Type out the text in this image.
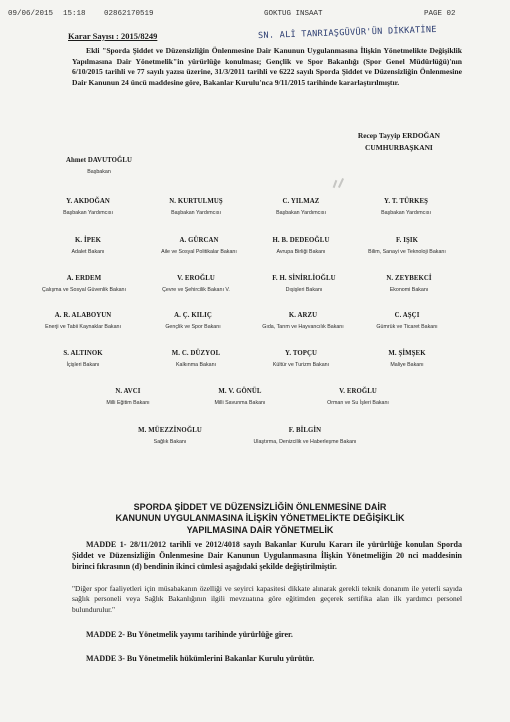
09/06/2015 15:18 02862170519	GOKTUG INSAAT	PAGE 02
SN. ALİ TANRIAŞGÜVÜR'ÜN DİKKATİNE
Karar Sayısı : 2015/8249
Ekli "Sporda Şiddet ve Düzensizliğin Önlenmesine Dair Kanunun Uygulanmasına İlişkin Yönetmelikte Değişiklik Yapılmasına Dair Yönetmelik"in yürürlüğe konulması; Gençlik ve Spor Bakanlığı (Spor Genel Müdürlüğü)'nın 6/10/2015 tarihli ve 77 sayılı yazısı üzerine, 31/3/2011 tarihli ve 6222 sayılı Sporda Şiddet ve Düzensizliğin Önlenmesine Dair Kanunun 24 üncü maddesine göre, Bakanlar Kurulu'nca 9/11/2015 tarihinde kararlaştırılmıştır.
Recep Tayyip ERDOĞAN
CUMHURBAŞKANI
Ahmet DAVUTOĞLU
Başbakan
Y. AKDOĞAN
Başbakan Yardımcısı
N. KURTULMUŞ
Başbakan Yardımcısı
C. YILMAZ
Başbakan Yardımcısı
Y. T. TÜRKEŞ
Başbakan Yardımcısı
K. İPEK
Adalet Bakanı
A. GÜRCAN
Aile ve Sosyal Politikalar Bakanı
H. B. DEDEOĞLU
Avrupa Birliği Bakanı
F. IŞIK
Bilim, Sanayi ve Teknoloji Bakanı
A. ERDEM
Çalışma ve Sosyal Güvenlik Bakanı
V. EROĞLU
Çevre ve Şehircilik Bakanı V.
F. H. SİNİRLİOĞLU
Dışişleri Bakanı
N. ZEYBEKCİ
Ekonomi Bakanı
A. R. ALABOYUN
Enerji ve Tabii Kaynaklar Bakanı
A. Ç. KILIÇ
Gençlik ve Spor Bakanı
K. ARZU
Gıda, Tarım ve Hayvancılık Bakanı
C. AŞÇI
Gümrük ve Ticaret Bakanı
S. ALTINOK
İçişleri Bakanı
M. C. DÜZYOL
Kalkınma Bakanı
Y. TOPÇU
Kültür ve Turizm Bakanı
M. ŞİMŞEK
Maliye Bakanı
N. AVCI
Milli Eğitim Bakanı
M. V. GÖNÜL
Milli Savunma Bakanı
V. EROĞLU
Orman ve Su İşleri Bakanı
M. MÜEZZİNOĞLU
Sağlık Bakanı
F. BİLGİN
Ulaştırma, Denizcilik ve Haberleşme Bakanı
SPORDA ŞİDDET VE DÜZENSİZLİĞİN ÖNLENMESİNE DAİR
KANUNUN UYGULANMASINA İLİŞKİN YÖNETMELİKTE DEĞİŞİKLİK
YAPILMASINA DAİR YÖNETMELİK
MADDE 1- 28/11/2012 tarihli ve 2012/4018 sayılı Bakanlar Kurulu Kararı ile yürürlüğe konulan Sporda Şiddet ve Düzensizliğin Önlenmesine Dair Kanunun Uygulanmasına İlişkin Yönetmeliğin 20 nci maddesinin birinci fıkrasının (d) bendinin ikinci cümlesi aşağıdaki şekilde değiştirilmiştir.
"Diğer spor faaliyetleri için müsabakanın özelliği ve seyirci kapasitesi dikkate alınarak gerekli teknik donanım ile yeterli sayıda sağlık personeli veya Sağlık Bakanlığının ilgili mevzuatına göre eğitimden geçerek sertifika alan ilk yardımcı personel bulundurulur."
MADDE 2- Bu Yönetmelik yayımı tarihinde yürürlüğe girer.
MADDE 3- Bu Yönetmelik hükümlerini Bakanlar Kurulu yürütür.
